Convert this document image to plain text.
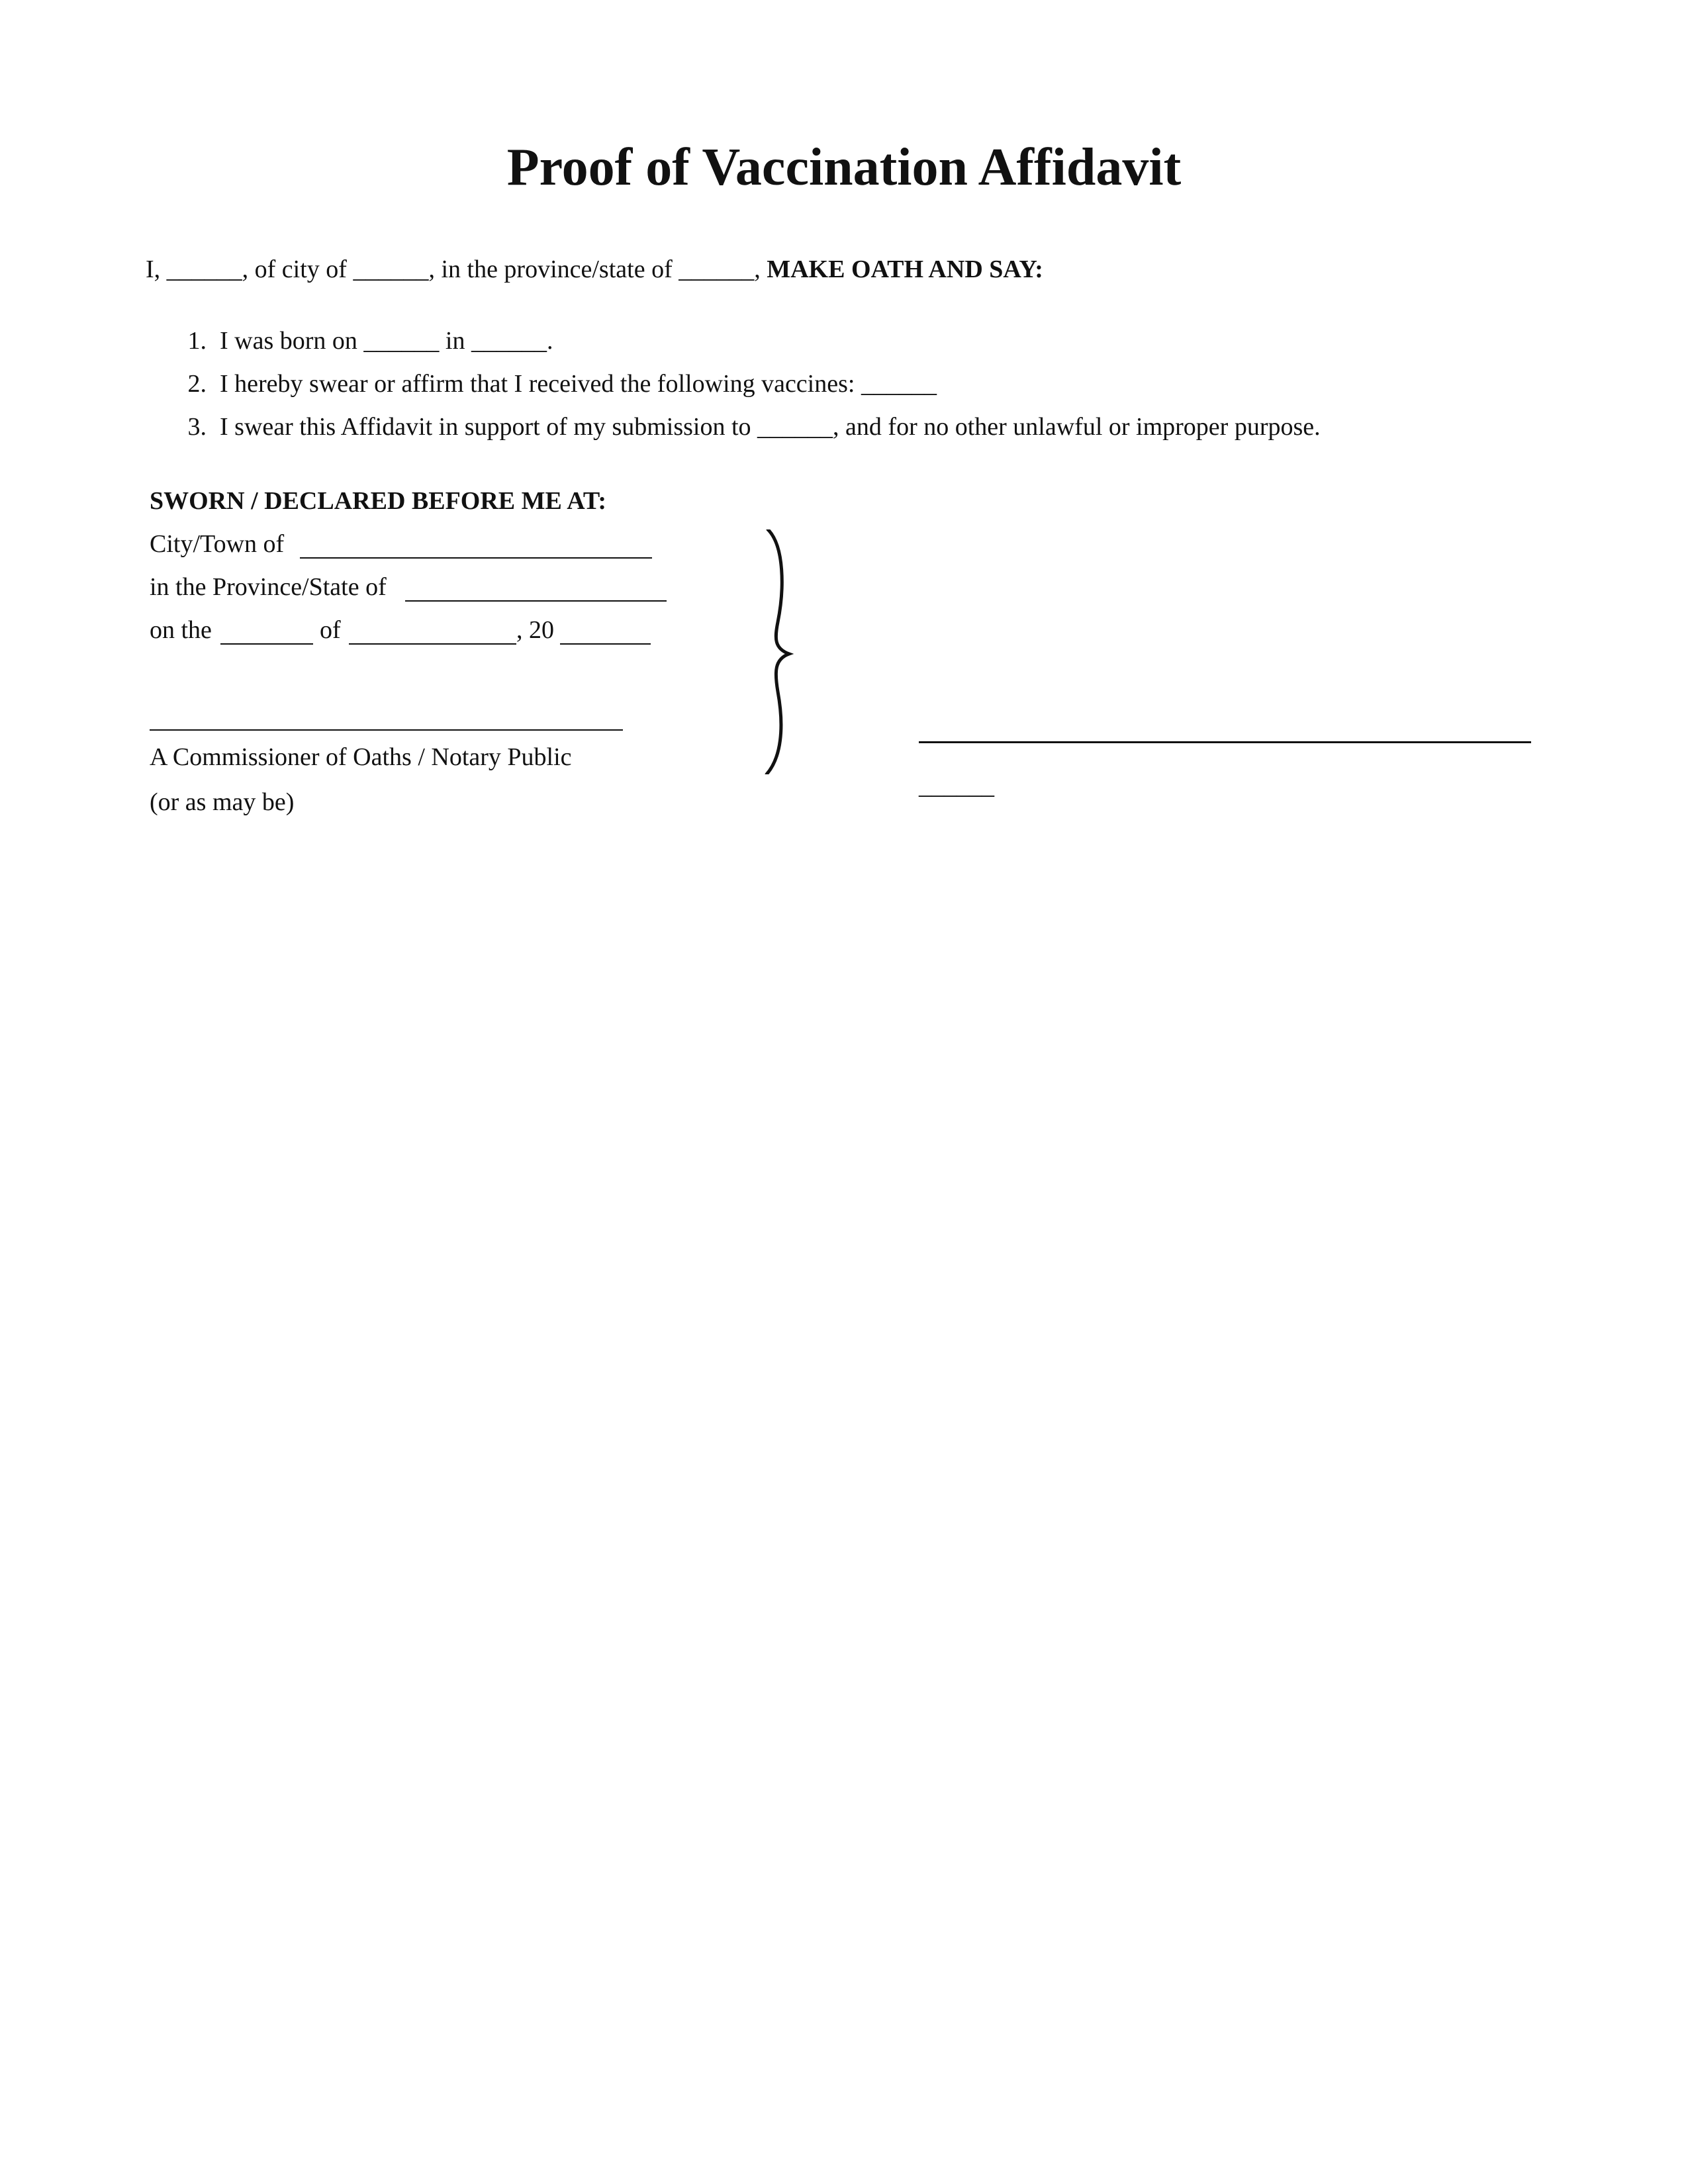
Proof of Vaccination Affidavit
I, ______, of city of ______, in the province/state of ______, MAKE OATH AND SAY:
1. I was born on ______ in ______.
2. I hereby swear or affirm that I received the following vaccines: ______
3. I swear this Affidavit in support of my submission to ______, and for no other unlawful or improper purpose.
SWORN / DECLARED BEFORE ME AT:
City/Town of
in the Province/State of
on the	of	, 20
A Commissioner of Oaths / Notary Public
(or as may be)
______
